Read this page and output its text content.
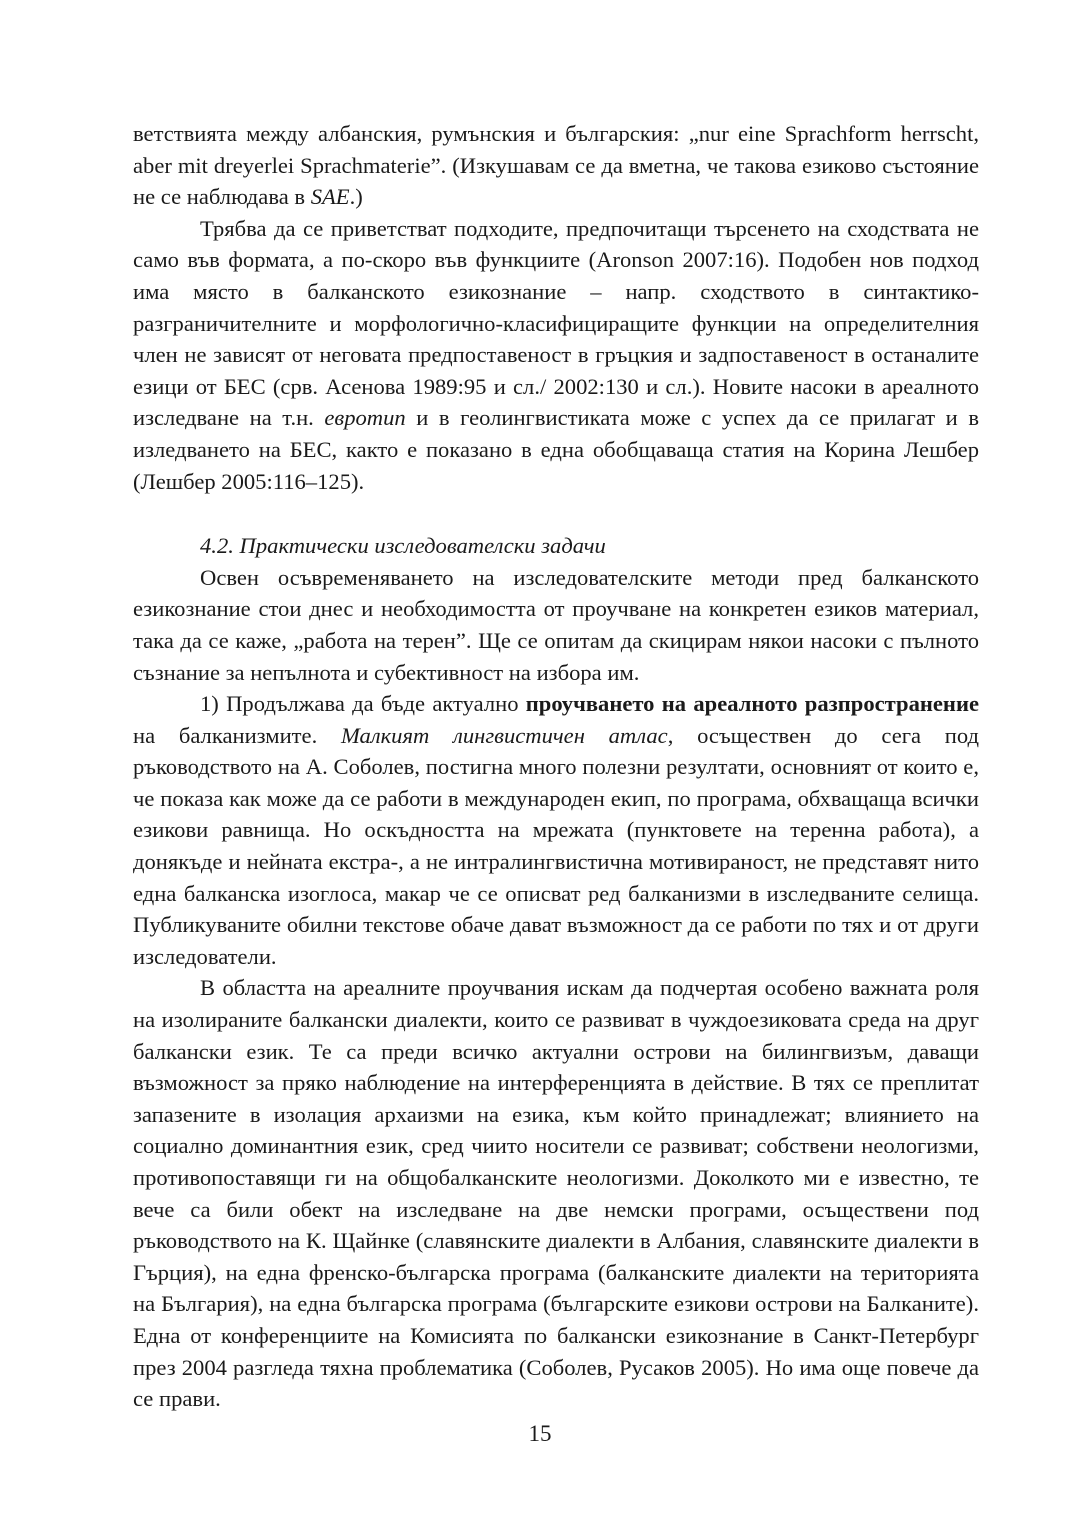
ветствията между албанския, румънския и българския: „nur eine Sprachform herrscht, aber mit dreyerlei Sprachmaterie”. (Изкушавам се да вметна, че такова езиково състояние не се наблюдава в SAE.)

Трябва да се приветстват подходите, предпочитащи търсенето на сходствата не само във формата, а по-скоро във функциите (Aronson 2007:16). Подобен нов подход има място в балканското езикознание – напр. сходството в синтактико-разграничителните и морфологично-класифициращите функции на определителния член не зависят от неговата предпоставеност в гръцкия и задпоставеност в останалите езици от БЕС (срв. Асенова 1989:95 и сл./ 2002:130 и сл.). Новите насоки в ареалното изследване на т.н. евротип и в геолингвистиката може с успех да се прилагат и в изледването на БЕС, както е показано в една обобщаваща статия на Корина Лешбер (Лешбер 2005:116–125).

4.2. Практически изследователски задачи

Освен осъвременяването на изследователските методи пред балканското езикознание стои днес и необходимостта от проучване на конкретен езиков материал, така да се каже, „работа на терен”. Ще се опитам да скицирам някои насоки с пълното съзнание за непълнота и субективност на избора им.

1) Продължава да бъде актуално проучването на ареалното разпространение на балканизмите. Малкият лингвистичен атлас, осъществен до сега под ръководството на А. Соболев, постигна много полезни резултати, основният от които е, че показа как може да се работи в международен екип, по програма, обхващаща всички езикови равнища. Но оскъдността на мрежата (пунктовете на теренна работа), а донякъде и нейната екстра-, а не интралингвистична мотивираност, не представят нито една балканска изоглоса, макар че се описват ред балканизми в изследваните селища. Публикуваните обилни текстове обаче дават възможност да се работи по тях и от други изследователи.

В областта на ареалните проучвания искам да подчертая особено важната роля на изолираните балкански диалекти, които се развиват в чуждоезиковата среда на друг балкански език. Те са преди всичко актуални острови на билингвизъм, даващи възможност за пряко наблюдение на интерференцията в действие. В тях се преплитат запазените в изолация архаизми на езика, към който принадлежат; влиянието на социално доминантния език, сред чиито носители се развиват; собствени неологизми, противопоставящи ги на общобалканските неологизми. Доколкото ми е известно, те вече са били обект на изследване на две немски програми, осъществени под ръководството на К. Щайнке (славянските диалекти в Албания, славянските диалекти в Гърция), на една френско-българска програма (балканските диалекти на територията на България), на една българска програма (българските езикови острови на Балканите). Една от конференциите на Комисията по балкански езикознание в Санкт-Петербург през 2004 разгледа тяхна проблематика (Соболев, Русаков 2005). Но има още повече да се прави.

15
